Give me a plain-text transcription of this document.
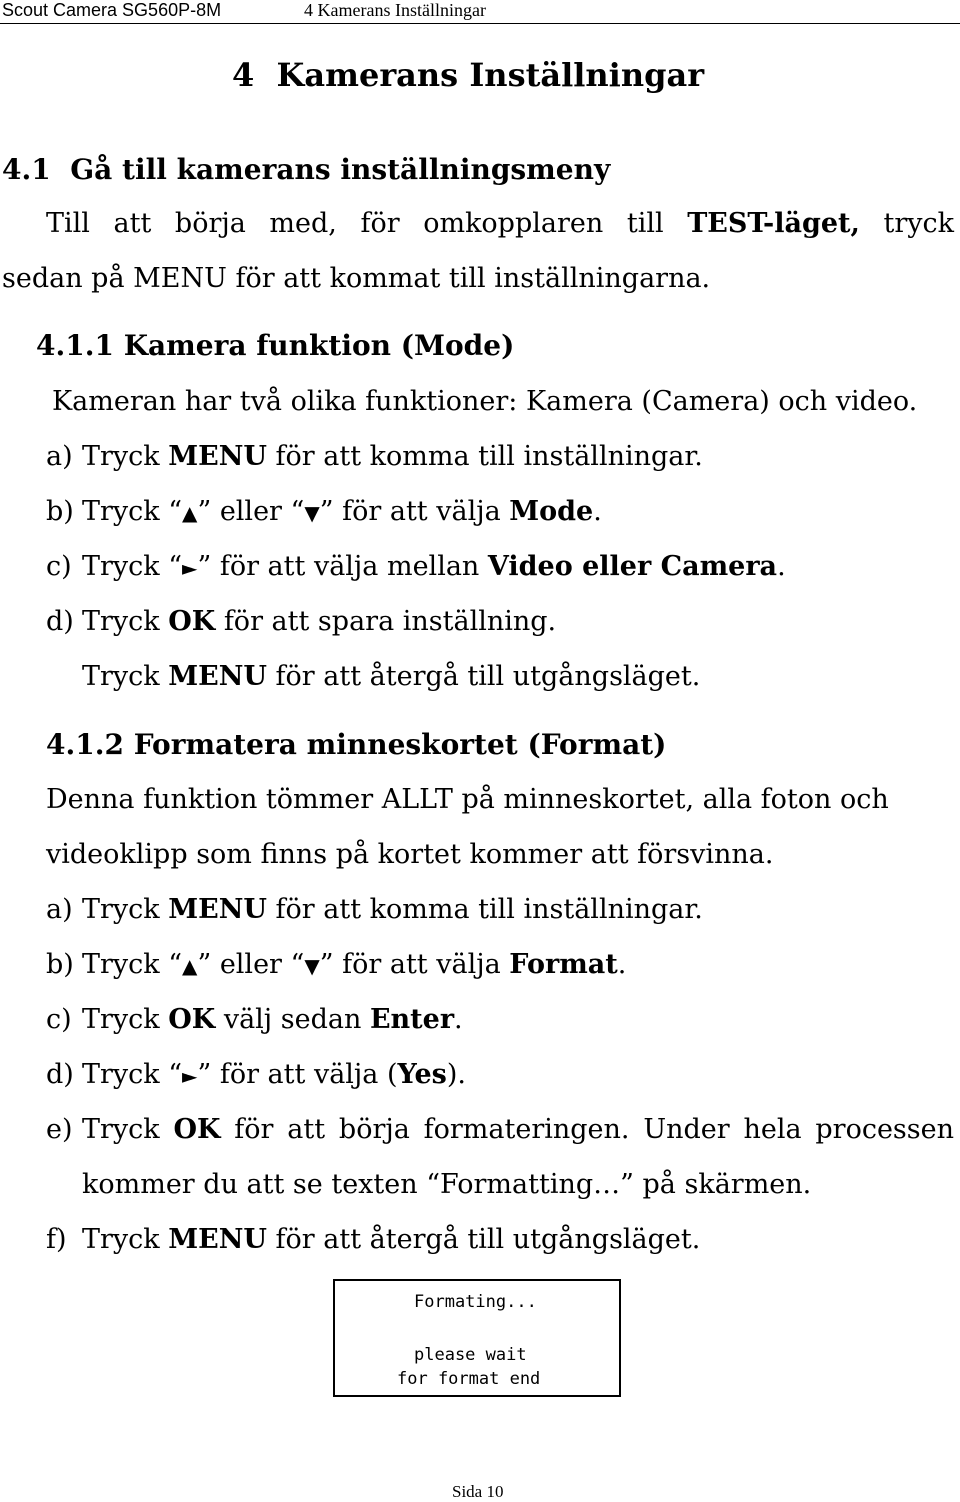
Scout Camera SG560P-8M	4 Kamerans Inställningar
4 Kamerans Inställningar
4.1 Gå till kamerans inställningsmeny
Till att börja med, för omkopplaren till TEST-läget, tryck
sedan på MENU för att kommat till inställningarna.
4.1.1 Kamera funktion (Mode)
Kameran har två olika funktioner: Kamera (Camera) och video.
a) Tryck MENU för att komma till inställningar.
b) Tryck “▲” eller “▼” för att välja Mode.
c) Tryck “►” för att välja mellan Video eller Camera.
d) Tryck OK för att spara inställning.
Tryck MENU för att återgå till utgångsläget.
4.1.2 Formatera minneskortet (Format)
Denna funktion tömmer ALLT på minneskortet, alla foton och
videoklipp som finns på kortet kommer att försvinna.
a) Tryck MENU för att komma till inställningar.
b) Tryck “▲” eller “▼” för att välja Format.
c) Tryck OK välj sedan Enter.
d) Tryck “►” för att välja (Yes).
e) Tryck OK för att börja formateringen. Under hela processen
kommer du att se texten “Formatting…” på skärmen.
f) Tryck MENU för att återgå till utgångsläget.
Formating...
please wait
for format end
Sida 10
